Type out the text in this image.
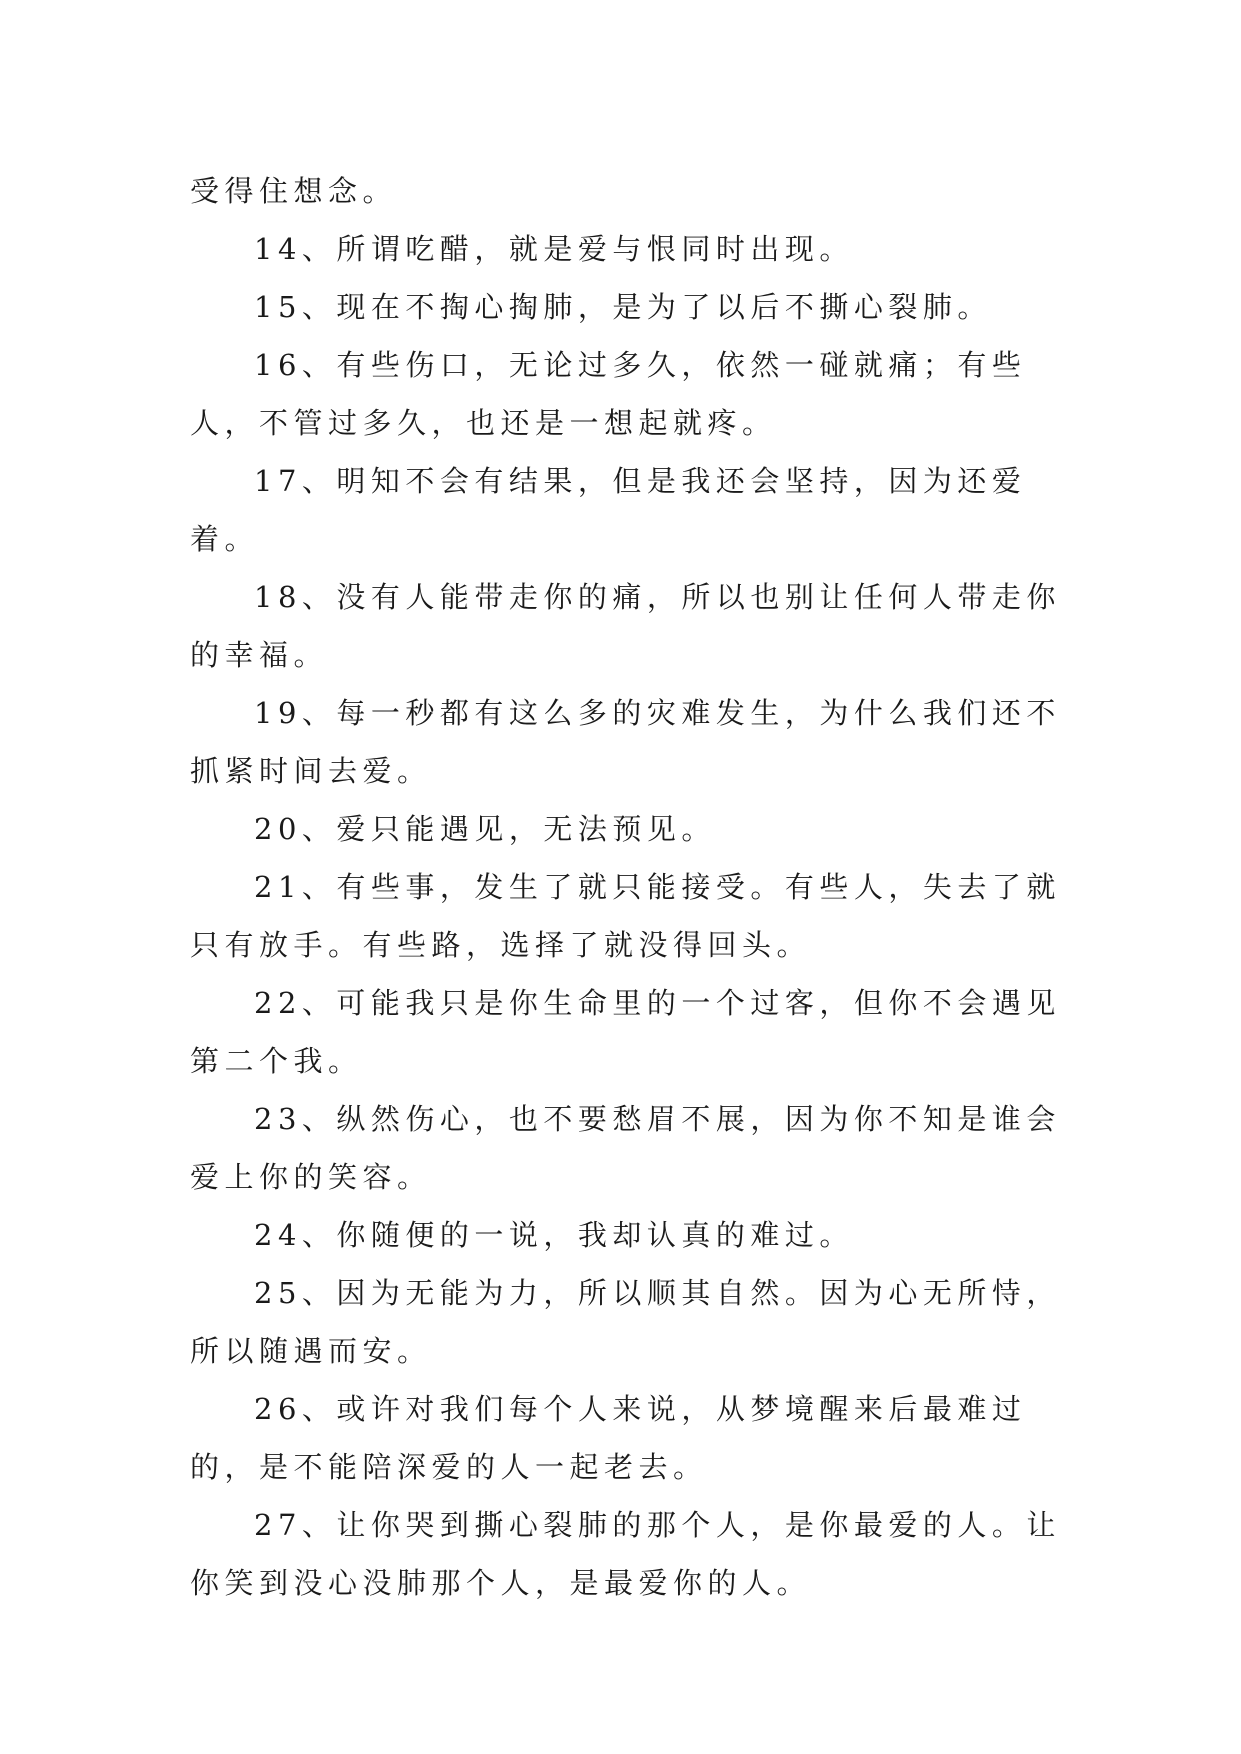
受得住想念。

14、所谓吃醋，就是爱与恨同时出现。

15、现在不掏心掏肺，是为了以后不撕心裂肺。

16、有些伤口，无论过多久，依然一碰就痛；有些人，不管过多久，也还是一想起就疼。

17、明知不会有结果，但是我还会坚持，因为还爱着。

18、没有人能带走你的痛，所以也别让任何人带走你的幸福。

19、每一秒都有这么多的灾难发生，为什么我们还不抓紧时间去爱。

20、爱只能遇见，无法预见。

21、有些事，发生了就只能接受。有些人，失去了就只有放手。有些路，选择了就没得回头。

22、可能我只是你生命里的一个过客，但你不会遇见第二个我。

23、纵然伤心，也不要愁眉不展，因为你不知是谁会爱上你的笑容。

24、你随便的一说，我却认真的难过。

25、因为无能为力，所以顺其自然。因为心无所恃，所以随遇而安。

26、或许对我们每个人来说，从梦境醒来后最难过的，是不能陪深爱的人一起老去。

27、让你哭到撕心裂肺的那个人，是你最爱的人。让你笑到没心没肺那个人，是最爱你的人。
